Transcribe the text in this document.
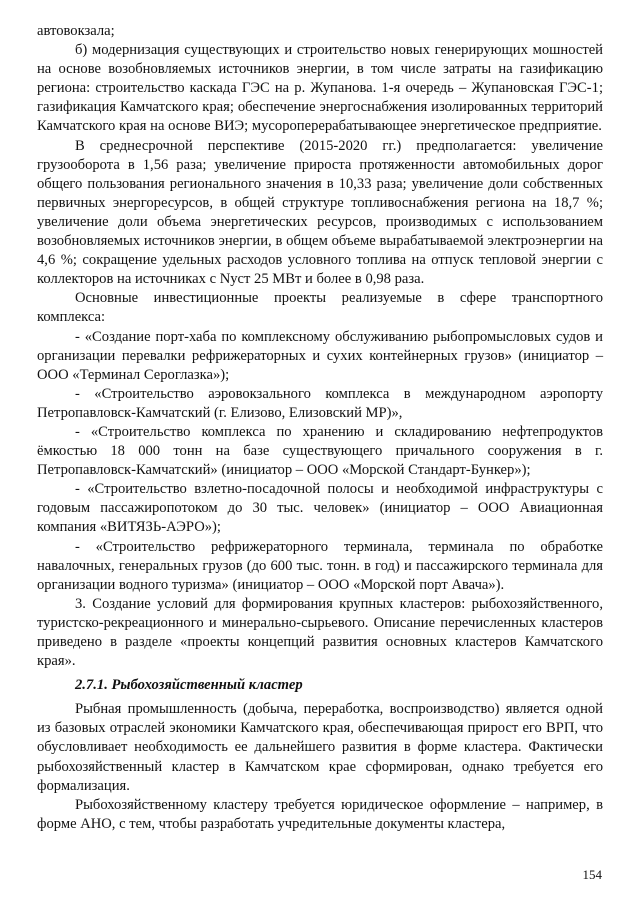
автовокзала;

б) модернизация существующих и строительство новых генерирующих мошностей на основе возобновляемых источников энергии, в том числе затраты на газификацию региона: строительство каскада ГЭС на р. Жупанова. 1-я очередь – Жупановская ГЭС-1; газификация Камчатского края; обеспечение энергоснабжения изолированных территорий Камчатского края на основе ВИЭ; мусороперерабатывающее энергетическое предприятие.

В среднесрочной перспективе (2015-2020 гг.) предполагается: увеличение грузооборота в 1,56 раза; увеличение прироста протяженности автомобильных дорог общего пользования регионального значения в 10,33 раза; увеличение доли собственных первичных энергоресурсов, в общей структуре топливоснабжения региона на 18,7 %; увеличение доли объема энергетических ресурсов, производимых с использованием возобновляемых источников энергии, в общем объеме вырабатываемой электроэнергии на 4,6 %; сокращение удельных расходов условного топлива на отпуск тепловой энергии с коллекторов на источниках с Nуст 25 МВт и более в 0,98 раза.

Основные инвестиционные проекты реализуемые в сфере транспортного комплекса:

- «Создание порт-хаба по комплексному обслуживанию рыбопромысловых судов и организации перевалки рефрижераторных и сухих контейнерных грузов» (инициатор – ООО «Терминал Сероглазка»);

- «Строительство аэровокзального комплекса в международном аэропорту Петропавловск-Камчатский (г. Елизово, Елизовский МР)»,

- «Строительство комплекса по хранению и складированию нефтепродуктов ёмкостью 18 000 тонн на базе существующего причального сооружения в г. Петропавловск-Камчатский» (инициатор – ООО «Морской Стандарт-Бункер»);

- «Строительство взлетно-посадочной полосы и необходимой инфраструктуры с годовым пассажиропотоком до 30 тыс. человек» (инициатор – ООО Авиационная компания «ВИТЯЗЬ-АЭРО»);

- «Строительство рефрижераторного терминала, терминала по обработке навалочных, генеральных грузов (до 600 тыс. тонн. в год) и пассажирского терминала для организации водного туризма» (инициатор – ООО «Морской порт Авача»).

3. Создание условий для формирования крупных кластеров: рыбохозяйственного, туристско-рекреационного и минерально-сырьевого. Описание перечисленных кластеров приведено в разделе «проекты концепций развития основных кластеров Камчатского края».

2.7.1. Рыбохозяйственный кластер

Рыбная промышленность (добыча, переработка, воспроизводство) является одной из базовых отраслей экономики Камчатского края, обеспечивающая прирост его ВРП, что обусловливает необходимость ее дальнейшего развития в форме кластера. Фактически рыбохозяйственный кластер в Камчатском крае сформирован, однако требуется его формализация.

Рыбохозяйственному кластеру требуется юридическое оформление – например, в форме АНО, с тем, чтобы разработать учредительные документы кластера,

154
